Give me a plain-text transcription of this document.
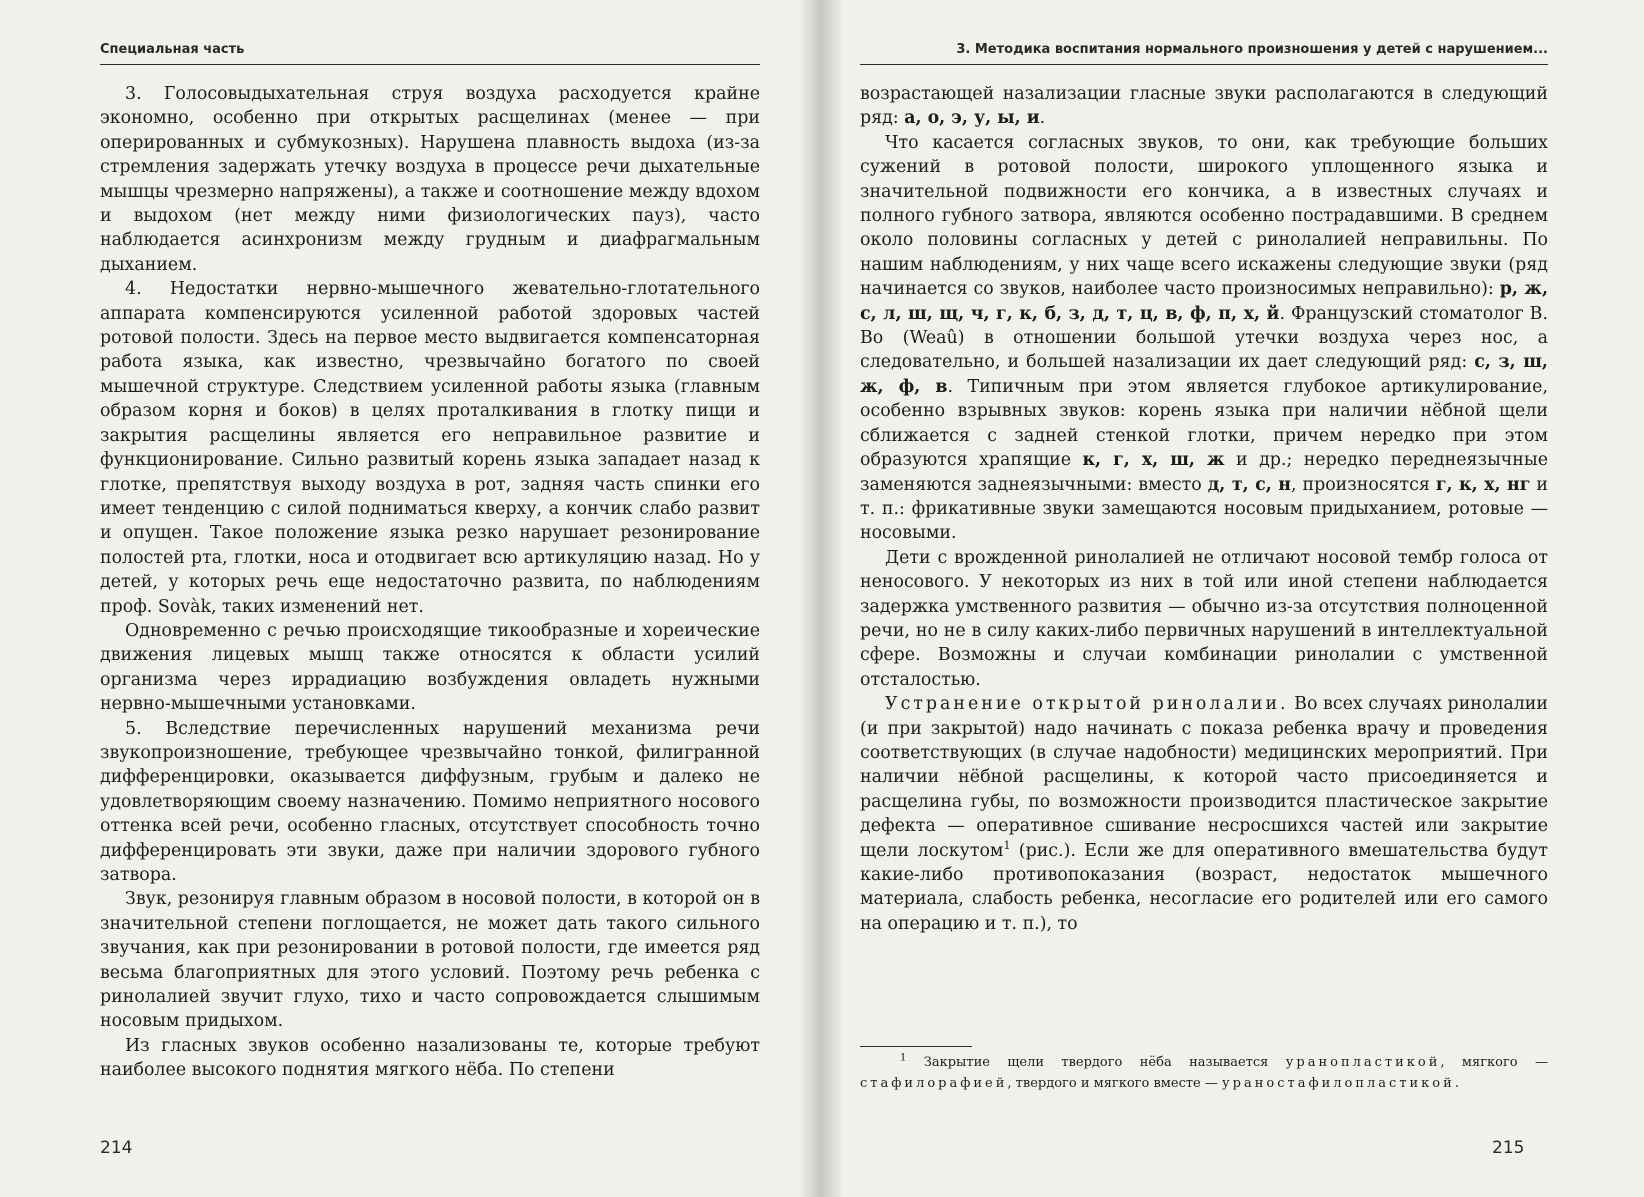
Специальная часть

3. Голосовыдыхательная струя воздуха расходуется крайне экономно, особенно при открытых расщелинах (менее — при оперированных и субмукозных). Нарушена плавность выдоха (из-за стремления задержать утечку воздуха в процессе речи дыхательные мышцы чрезмерно напряжены), а также и соотношение между вдохом и выдохом (нет между ними физиологических пауз), часто наблюдается асинхронизм между грудным и диафрагмальным дыханием.

4. Недостатки нервно-мышечного жевательно-глотательного аппарата компенсируются усиленной работой здоровых частей ротовой полости. Здесь на первое место выдвигается компенсаторная работа языка, как известно, чрезвычайно богатого по своей мышечной структуре. Следствием усиленной работы языка (главным образом корня и боков) в целях проталкивания в глотку пищи и закрытия расщелины является его неправильное развитие и функционирование. Сильно развитый корень языка западает назад к глотке, препятствуя выходу воздуха в рот, задняя часть спинки его имеет тенденцию с силой подниматься кверху, а кончик слабо развит и опущен. Такое положение языка резко нарушает резонирование полостей рта, глотки, носа и отодвигает всю артикуляцию назад. Но у детей, у которых речь еще недостаточно развита, по наблюдениям проф. Sovàk, таких изменений нет.

Одновременно с речью происходящие тикообразные и хореические движения лицевых мышц также относятся к области усилий организма через иррадиацию возбуждения овладеть нужными нервно-мышечными установками.

5. Вследствие перечисленных нарушений механизма речи звукопроизношение, требующее чрезвычайно тонкой, филигранной дифференцировки, оказывается диффузным, грубым и далеко не удовлетворяющим своему назначению. Помимо неприятного носового оттенка всей речи, особенно гласных, отсутствует способность точно дифференцировать эти звуки, даже при наличии здорового губного затвора.

Звук, резонируя главным образом в носовой полости, в которой он в значительной степени поглощается, не может дать такого сильного звучания, как при резонировании в ротовой полости, где имеется ряд весьма благоприятных для этого условий. Поэтому речь ребенка с ринолалией звучит глухо, тихо и часто сопровождается слышимым носовым придыхом.

Из гласных звуков особенно назализованы те, которые требуют наиболее высокого поднятия мягкого нёба. По степени

214
3. Методика воспитания нормального произношения у детей с нарушением...

возрастающей назализации гласные звуки располагаются в следующий ряд: а, о, э, у, ы, и.

Что касается согласных звуков, то они, как требующие больших сужений в ротовой полости, широкого уплощенного языка и значительной подвижности его кончика, а в известных случаях и полного губного затвора, являются особенно пострадавшими. В среднем около половины согласных у детей с ринолалией неправильны. По нашим наблюдениям, у них чаще всего искажены следующие звуки (ряд начинается со звуков, наиболее часто произносимых неправильно): р, ж, с, л, ш, щ, ч, г, к, б, з, д, т, ц, в, ф, п, х, й. Французский стоматолог В. Во (Weaû) в отношении большой утечки воздуха через нос, а следовательно, и большей назализации их дает следующий ряд: с, з, ш, ж, ф, в. Типичным при этом является глубокое артикулирование, особенно взрывных звуков: корень языка при наличии нёбной щели сближается с задней стенкой глотки, причем нередко при этом образуются храпящие к, г, х, ш, ж и др.; нередко переднеязычные заменяются заднеязычными: вместо д, т, с, н, произносятся г, к, х, нг и т. п.: фрикативные звуки замещаются носовым придыханием, ротовые — носовыми.

Дети с врожденной ринолалией не отличают носовой тембр голоса от неносового. У некоторых из них в той или иной степени наблюдается задержка умственного развития — обычно из-за отсутствия полноценной речи, но не в силу каких-либо первичных нарушений в интеллектуальной сфере. Возможны и случаи комбинации ринолалии с умственной отсталостью.

Устранение открытой ринолалии. Во всех случаях ринолалии (и при закрытой) надо начинать с показа ребенка врачу и проведения соответствующих (в случае надобности) медицинских мероприятий. При наличии нёбной расщелины, к которой часто присоединяется и расщелина губы, по возможности производится пластическое закрытие дефекта — оперативное сшивание несросшихся частей или закрытие щели лоскутом$^1$ (рис.). Если же для оперативного вмешательства будут какие-либо противопоказания (возраст, недостаток мышечного материала, слабость ребенка, несогласие его родителей или его самого на операцию и т. п.), то

$^1$ Закрытие щели твердого нёба называется уранопластикой, мягкого — стафилорафией, твердого и мягкого вместе — ураностафилопластикой.
215
